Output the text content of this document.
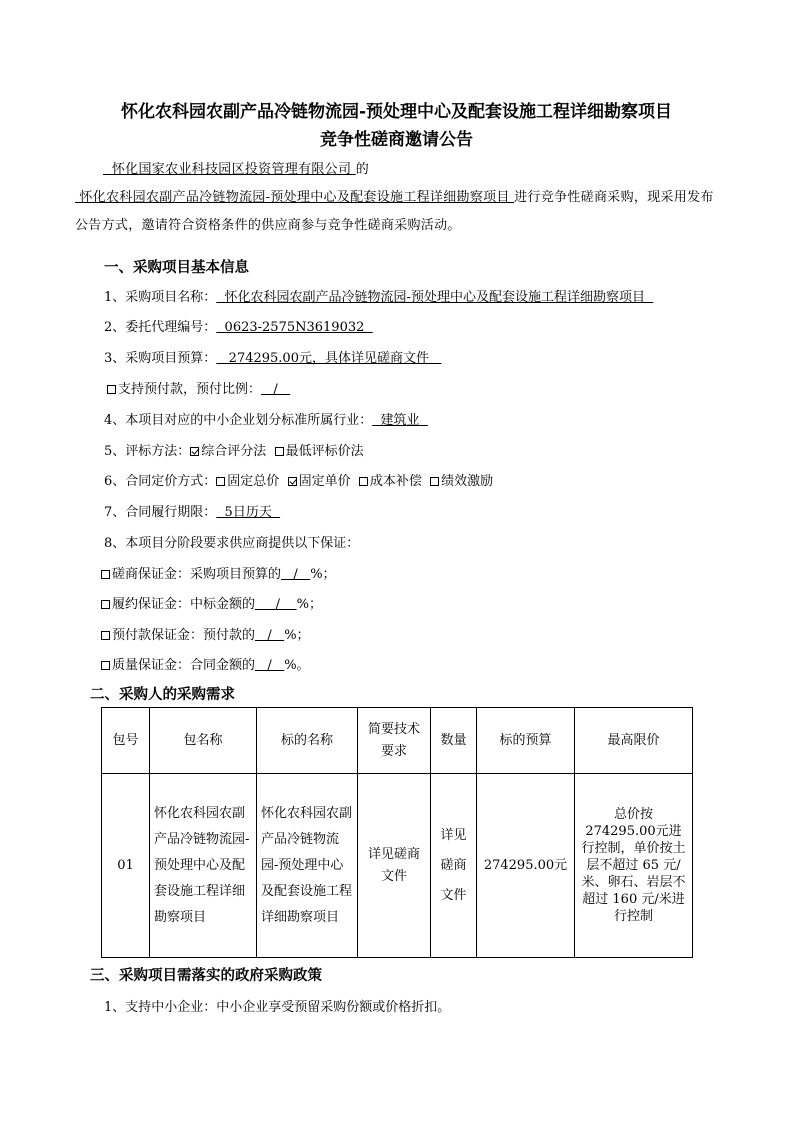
怀化农科园农副产品冷链物流园-预处理中心及配套设施工程详细勘察项目
竞争性磋商邀请公告
怀化国家农业科技园区投资管理有限公司 的  怀化农科园农副产品冷链物流园-预处理中心及配套设施工程详细勘察项目 进行竞争性磋商采购，现采用发布公告方式，邀请符合资格条件的供应商参与竞争性磋商采购活动。
一、采购项目基本信息
1、采购项目名称：  怀化农科园农副产品冷链物流园-预处理中心及配套设施工程详细勘察项目
2、委托代理编号：  0623-2575N3619032
3、采购项目预算：   274295.00元，具体详见磋商文件
支持预付款，预付比例：   /
4、本项目对应的中小企业划分标准所属行业：  建筑业
5、评标方法： 综合评分法 最低评标价法
6、合同定价方式： 固定总价 固定单价 成本补偿 绩效激励
7、合同履行期限：  5日历天
8、本项目分阶段要求供应商提供以下保证：
磋商保证金：采购项目预算的   /   %；
履约保证金：中标金额的     /    %；
预付款保证金：预付款的   /   %；
质量保证金：合同金额的   /   %。
二、采购人的采购需求
包号	包名称	标的名称	简要技术要求	数量	标的预算	最高限价
01	怀化农科园农副产品冷链物流园-预处理中心及配套设施工程详细勘察项目	怀化农科园农副产品冷链物流园-预处理中心及配套设施工程详细勘察项目	详见磋商文件	详见磋商文件	274295.00元	总价按274295.00元进行控制，单价按土层不超过 65 元/米、卵石、岩层不超过 160 元/米进行控制
三、采购项目需落实的政府采购政策
1、支持中小企业：中小企业享受预留采购份额或价格折扣。
